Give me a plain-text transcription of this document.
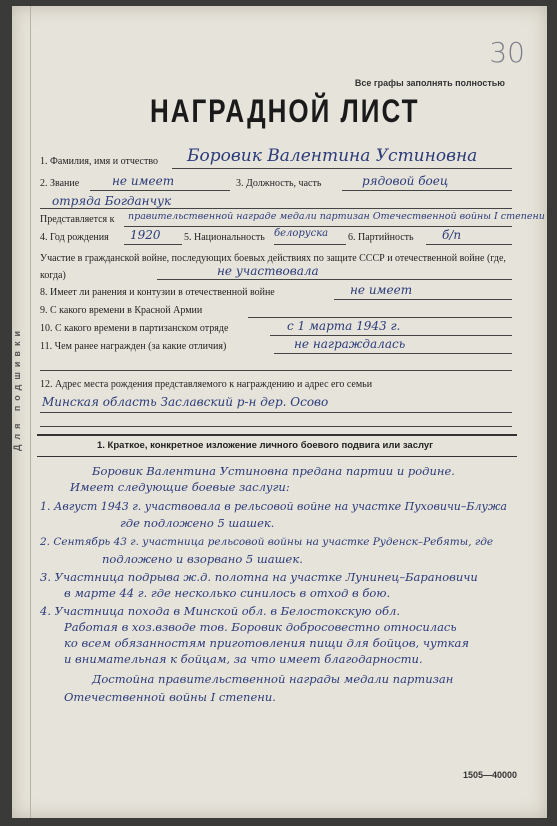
Для подшивки
30
Все графы заполнять полностью
НАГРАДНОЙ ЛИСТ
1. Фамилия, имя и отчество Боровик Валентина Устиновна
2. Звание	не имеет	3. Должность, часть	рядовой боец
отряда Богданчук
Представляется к правительственной награде медали партизан Отечественной войны I степени
4. Год рождения 1920 5. Национальность белоруска 6. Партийность б/п
Участие в гражданской войне, последующих боевых действиях по защите СССР и отечественной войне (где, когда)	не участвовала
8. Имеет ли ранения и контузии в отечественной войне	не имеет
9. С какого времени в Красной Армии
10. С какого времени в партизанском отряде	с 1 марта 1943 г.
11. Чем ранее награжден (за какие отличия)	не награждалась
12. Адрес места рождения представляемого к награждению и адрес его семьи
Минская область Заславский р-н дер. Осово
1. Краткое, конкретное изложение личного боевого подвига или заслуг
Боровик Валентина Устиновна предана партии и родине.
Имеет следующие боевые заслуги:
1. Август 1943 г. участвовала в рельсовой войне на участке Пуховичи–Блужа
где подложено 5 шашек.
2. Сентябрь 43 г. участница рельсовой войны на участке Руденск–Ребяты, где
подложено и взорвано 5 шашек.
3. Участница подрыва ж.д. полотна на участке Лунинец–Барановичи
в марте 44 г. где несколько синилось в отход в бою.
4. Участница похода в Минской обл. в Белостокскую обл.
Работая в хоз.взводе тов. Боровик добросовестно относилась
ко всем обязанностям приготовления пищи для бойцов, чуткая
и внимательная к бойцам, за что имеет благодарности.
Достойна правительственной награды медали партизан
Отечественной войны I степени.
1505—40000
